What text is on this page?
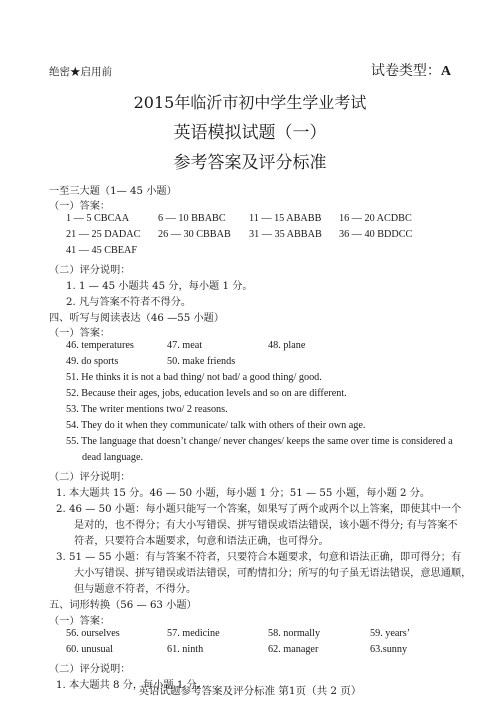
绝密★启用前	试卷类型：A
2015年临沂市初中学生学业考试
英语模拟试题（一）
参考答案及评分标准
一至三大题（1— 45 小题）
（一）答案：
1 — 5 CBCAA	6 — 10 BBABC 11 — 15 ABABB 16 — 20 ACDBC
21 — 25 DADAC 26 — 30 CBBAB 31 — 35 ABBAB 36 — 40 BDDCC
41 — 45 CBEAF
（二）评分说明：
1. 1 — 45 小题共 45 分，每小题 1 分。
2. 凡与答案不符者不得分。
四、听写与阅读表达（46 —55 小题）
（一）答案：
46. temperatures	47. meat	48. plane
49. do sports	50. make friends
51. He thinks it is not a bad thing/ not bad/ a good thing/ good.
52. Because their ages, jobs, education levels and so on are different.
53. The writer mentions two/ 2 reasons.
54. They do it when they communicate/ talk with others of their own age.
55. The language that doesn’t change/ never changes/ keeps the same over time is considered a
dead language.
（二）评分说明：
1. 本大题共 15 分。46 — 50 小题，每小题 1 分；51 — 55 小题，每小题 2 分。
2. 46 — 50 小题：每小题只能写一个答案，如果写了两个或两个以上答案，即使其中一个
是对的，也不得分；有大小写错误、拼写错误或语法错误，该小题不得分; 有与答案不
符者，只要符合本题要求，句意和语法正确，也可得分。
3. 51 — 55 小题：有与答案不符者，只要符合本题要求，句意和语法正确，即可得分；有
大小写错误、拼写错误或语法错误，可酌情扣分；所写的句子虽无语法错误，意思通顺，
但与题意不符者，不得分。
五、词形转换（56 — 63 小题）
（一）答案：
56. ourselves	57. medicine	58. normally	59. years’
60. unusual	61. ninth	62. manager	63.sunny
（二）评分说明：
1. 本大题共 8 分，每小题 1 分。
英语试题参考答案及评分标准 第1页（共 2 页）
